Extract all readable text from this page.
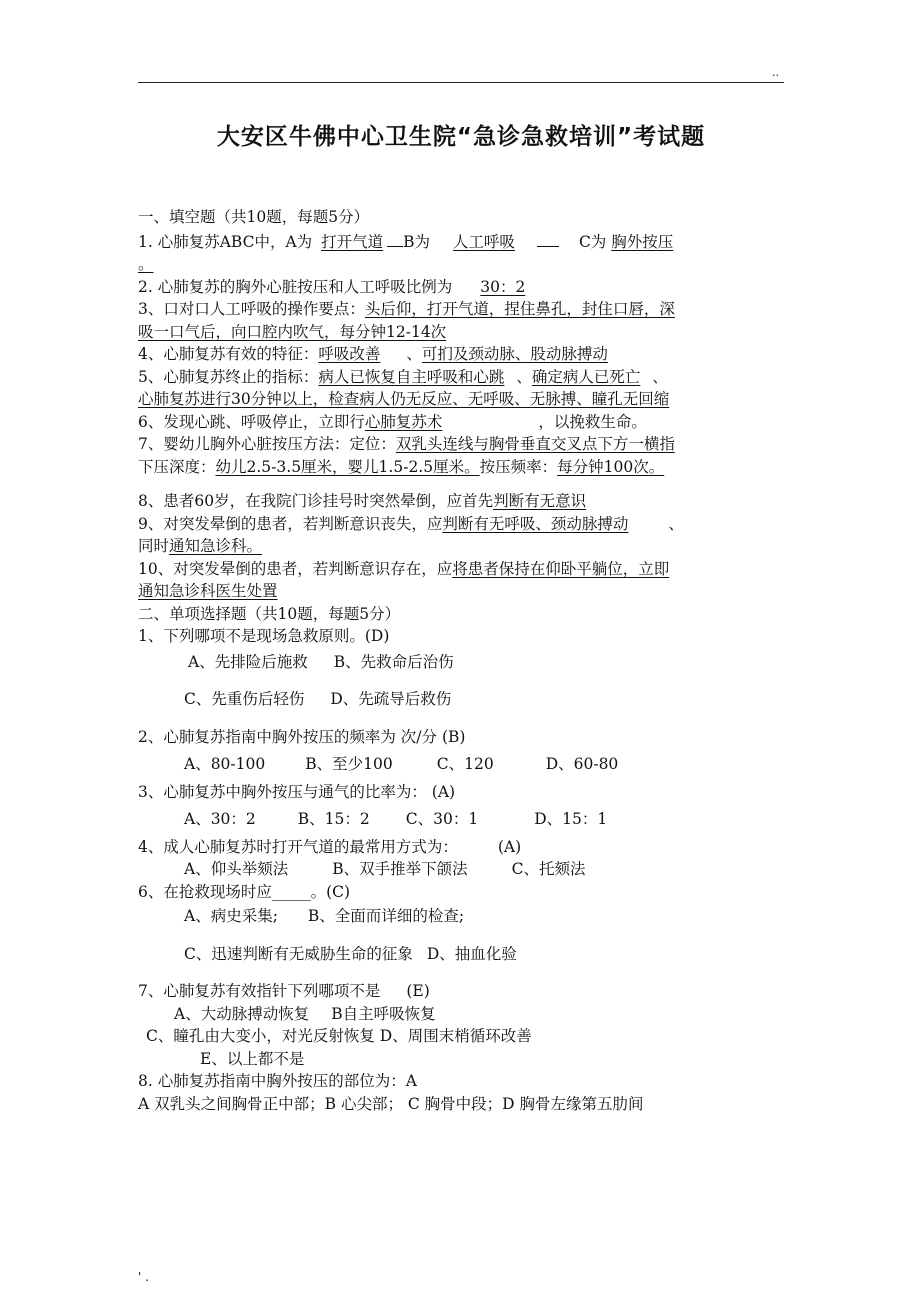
..
大安区牛佛中心卫生院“急诊急救培训”考试题
一、填空题（共10题，每题5分）
1. 心肺复苏ABC中，A为 打开气道 B为 人工呼吸	C为 胸外按压
。
2. 心肺复苏的胸外心脏按压和人工呼吸比例为 30：2
3、口对口人工呼吸的操作要点：头后仰，打开气道，捏住鼻孔，封住口唇，深
吸一口气后，向口腔内吹气，每分钟12-14次
4、心肺复苏有效的特征：呼吸改善 、可扪及颈动脉、股动脉搏动
5、心肺复苏终止的指标：病人已恢复自主呼吸和心跳 、确定病人已死亡 、
心肺复苏进行30分钟以上，检查病人仍无反应、无呼吸、无脉搏、瞳孔无回缩
6、发现心跳、呼吸停止，立即行心肺复苏术	，以挽救生命。
7、婴幼儿胸外心脏按压方法：定位：双乳头连线与胸骨垂直交叉点下方一横指
下压深度：幼儿2.5-3.5厘米，婴儿1.5-2.5厘米。按压频率：每分钟100次。
8、患者60岁，在我院门诊挂号时突然晕倒，应首先判断有无意识
9、对突发晕倒的患者，若判断意识丧失，应判断有无呼吸、颈动脉搏动	、
同时通知急诊科。
10、对突发晕倒的患者，若判断意识存在，应将患者保持在仰卧平躺位，立即
通知急诊科医生处置
二、单项选择题（共10题，每题5分）
1、下列哪项不是现场急救原则。(D)
A、先排险后施救 B、先救命后治伤
C、先重伤后轻伤 D、先疏导后救伤
2、心肺复苏指南中胸外按压的频率为 次/分 (B)
A、80-100	B、至少100	C、120	D、60-80
3、心肺复苏中胸外按压与通气的比率为： (A)
A、30：2	B、15：2 C、30：1	D、15：1
4、成人心肺复苏时打开气道的最常用方式为：	(A)
A、仰头举颏法	B、双手推举下颌法	C、托颏法
6、在抢救现场时应_____。(C)
A、病史采集; B、全面而详细的检查;
C、迅速判断有无威胁生命的征象 D、抽血化验
7、心肺复苏有效指针下列哪项不是 (E)
A、大动脉搏动恢复 B自主呼吸恢复
C、瞳孔由大变小，对光反射恢复 D、周围末梢循环改善
E、以上都不是
8. 心肺复苏指南中胸外按压的部位为：A
A 双乳头之间胸骨正中部；B 心尖部； C 胸骨中段；D 胸骨左缘第五肋间
' .
